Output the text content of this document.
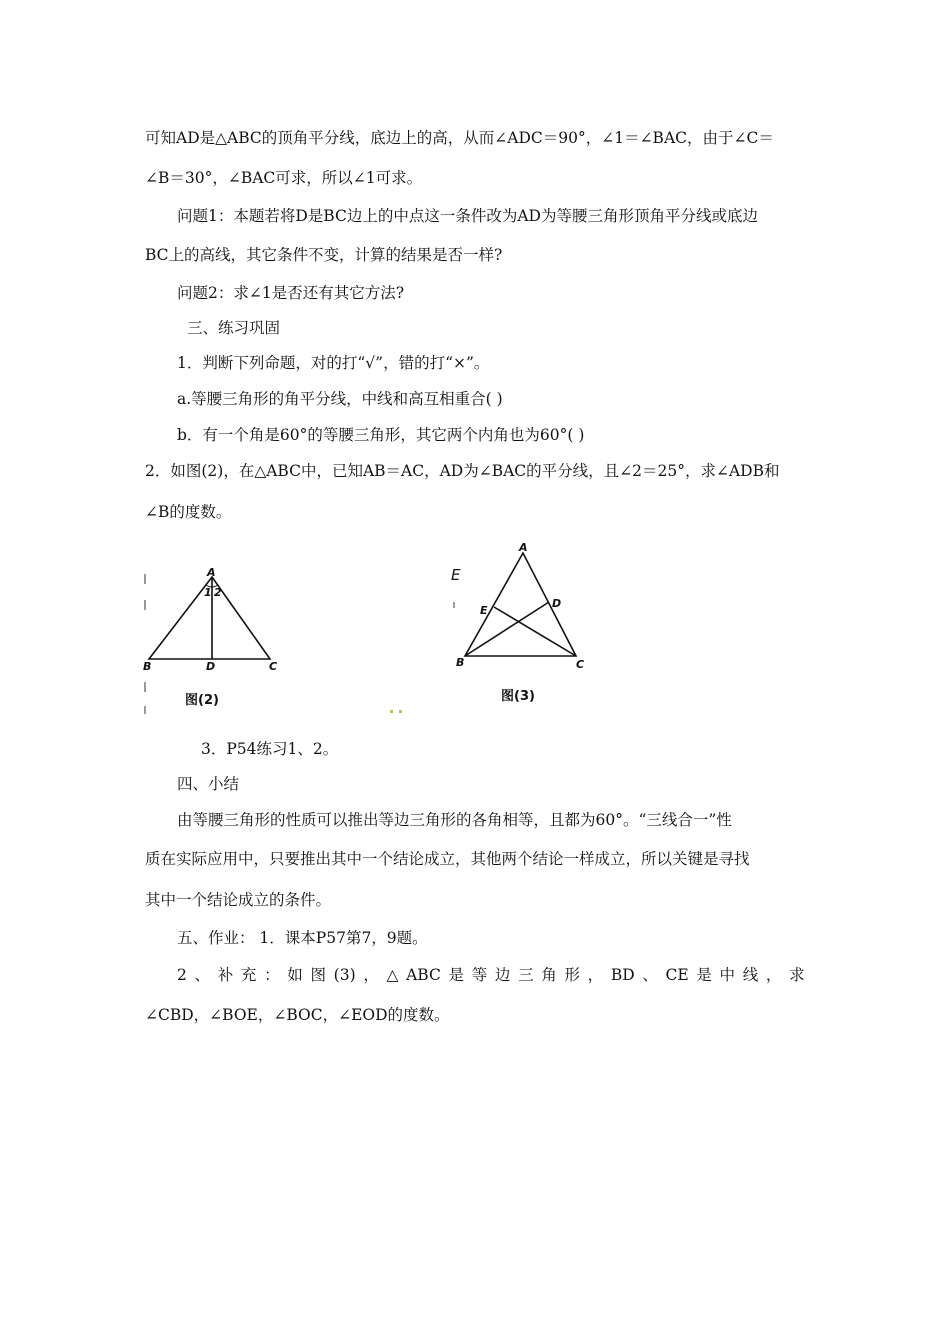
可知AD是△ABC的顶角平分线，底边上的高，从而∠ADC＝90°，∠1＝∠BAC，由于∠C＝
∠B＝30°，∠BAC可求，所以∠1可求。
问题1：本题若将D是BC边上的中点这一条件改为AD为等腰三角形顶角平分线或底边
BC上的高线，其它条件不变，计算的结果是否一样?
问题2：求∠1是否还有其它方法?
三、练习巩固
1．判断下列命题，对的打“√”，错的打“×”。
a.等腰三角形的角平分线，中线和高互相重合( )
b．有一个角是60°的等腰三角形，其它两个内角也为60°( )
2．如图(2)，在△ABC中，已知AB＝AC，AD为∠BAC的平分线，且∠2＝25°，求∠ADB和
∠B的度数。
A
1 2
B	D	C
图(2)
E
A
E
D
B	C
图(3)
3．P54练习1、2。
四、小结
由等腰三角形的性质可以推出等边三角形的各角相等，且都为60°。“三线合一”性
质在实际应用中，只要推出其中一个结论成立，其他两个结论一样成立，所以关键是寻找
其中一个结论成立的条件。
五、作业： 1．课本P57第7，9题。
2 、 补 充 ： 如 图 (3) ， △ ABC 是 等 边 三 角 形 ， BD 、 CE 是 中 线 ， 求
∠CBD，∠BOE，∠BOC，∠EOD的度数。
